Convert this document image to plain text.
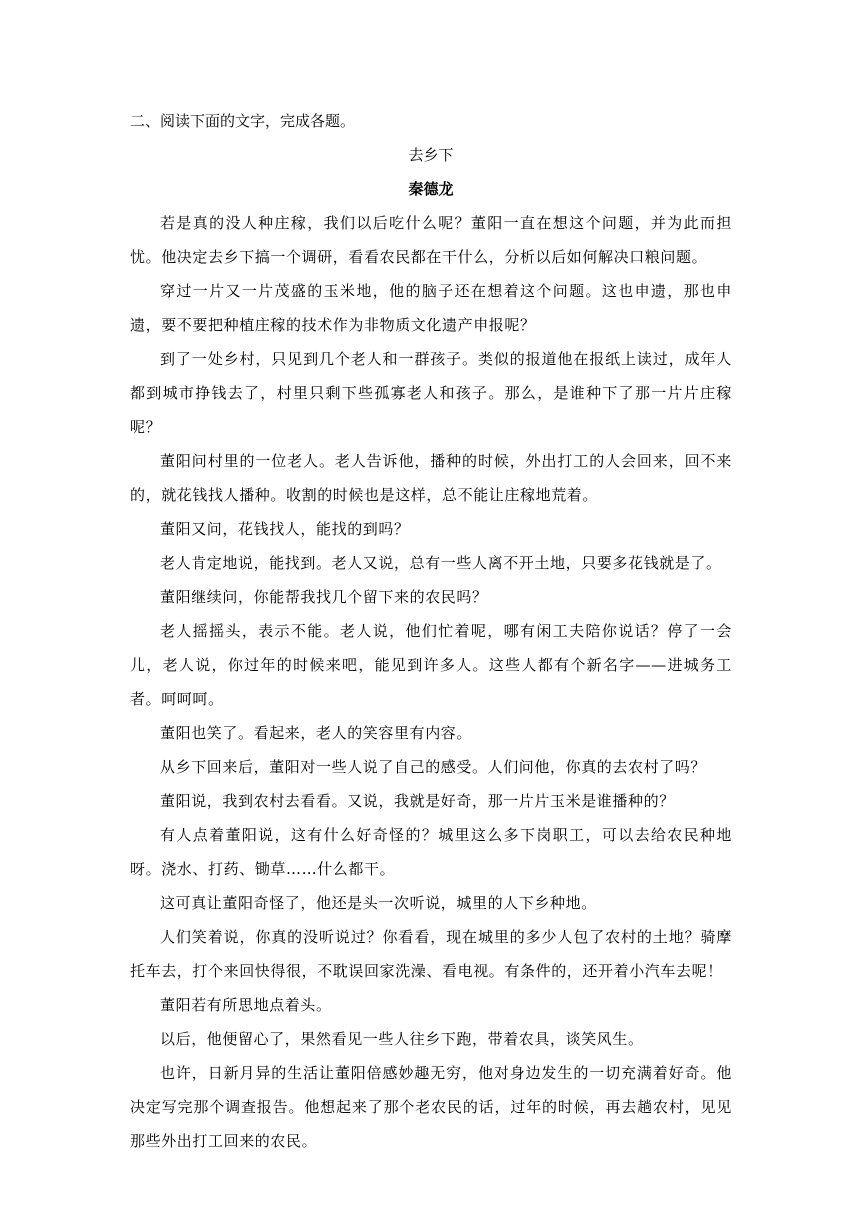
二、阅读下面的文字，完成各题。
去乡下
秦德龙

若是真的没人种庄稼，我们以后吃什么呢？董阳一直在想这个问题，并为此而担忧。他决定去乡下搞一个调研，看看农民都在干什么，分析以后如何解决口粮问题。

穿过一片又一片茂盛的玉米地，他的脑子还在想着这个问题。这也申遗，那也申遗，要不要把种植庄稼的技术作为非物质文化遗产申报呢？

到了一处乡村，只见到几个老人和一群孩子。类似的报道他在报纸上读过，成年人都到城市挣钱去了，村里只剩下些孤寡老人和孩子。那么，是谁种下了那一片片庄稼呢？

董阳问村里的一位老人。老人告诉他，播种的时候，外出打工的人会回来，回不来的，就花钱找人播种。收割的时候也是这样，总不能让庄稼地荒着。

董阳又问，花钱找人，能找的到吗？

老人肯定地说，能找到。老人又说，总有一些人离不开土地，只要多花钱就是了。

董阳继续问，你能帮我找几个留下来的农民吗？

老人摇摇头，表示不能。老人说，他们忙着呢，哪有闲工夫陪你说话？停了一会儿，老人说，你过年的时候来吧，能见到许多人。这些人都有个新名字——进城务工者。呵呵呵。

董阳也笑了。看起来，老人的笑容里有内容。

从乡下回来后，董阳对一些人说了自己的感受。人们问他，你真的去农村了吗？

董阳说，我到农村去看看。又说，我就是好奇，那一片片玉米是谁播种的？

有人点着董阳说，这有什么好奇怪的？城里这么多下岗职工，可以去给农民种地呀。浇水、打药、锄草……什么都干。

这可真让董阳奇怪了，他还是头一次听说，城里的人下乡种地。

人们笑着说，你真的没听说过？你看看，现在城里的多少人包了农村的土地？骑摩托车去，打个来回快得很，不耽误回家洗澡、看电视。有条件的，还开着小汽车去呢！

董阳若有所思地点着头。

以后，他便留心了，果然看见一些人往乡下跑，带着农具，谈笑风生。

也许，日新月异的生活让董阳倍感妙趣无穷，他对身边发生的一切充满着好奇。他决定写完那个调查报告。他想起来了那个老农民的话，过年的时候，再去趟农村，见见那些外出打工回来的农民。
